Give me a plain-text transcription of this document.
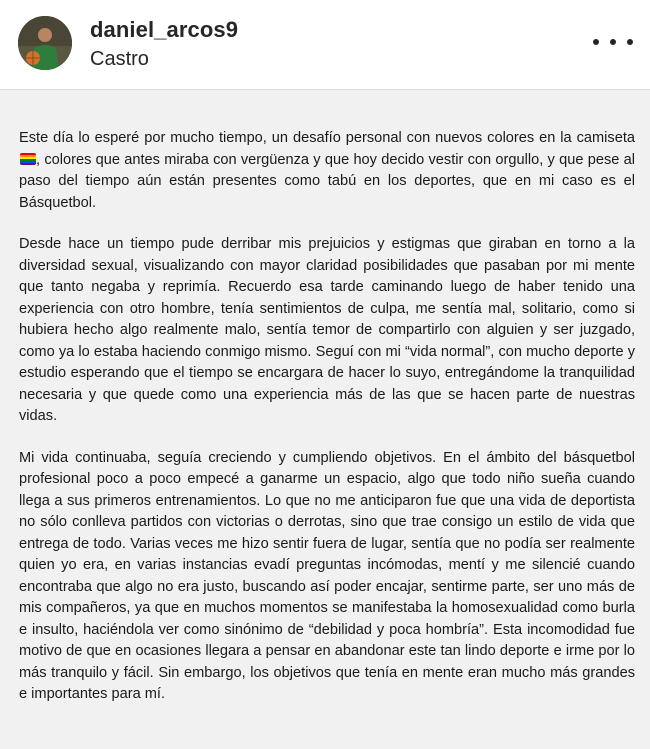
daniel_arcos9
Castro

Este día lo esperé por mucho tiempo, un desafío personal con nuevos colores en la camiseta
, colores que antes miraba con vergüenza y que hoy decido vestir con orgullo, y que pese al paso del tiempo aún están presentes como tabú en los deportes, que en mi caso es el Básquetbol.

Desde hace un tiempo pude derribar mis prejuicios y estigmas que giraban en torno a la diversidad sexual, visualizando con mayor claridad posibilidades que pasaban por mi mente que tanto negaba y reprimía. Recuerdo esa tarde caminando luego de haber tenido una experiencia con otro hombre, tenía sentimientos de culpa, me sentía mal, solitario, como si hubiera hecho algo realmente malo, sentía temor de compartirlo con alguien y ser juzgado, como ya lo estaba haciendo conmigo mismo. Seguí con mi “vida normal”, con mucho deporte y estudio esperando que el tiempo se encargara de hacer lo suyo, entregándome la tranquilidad necesaria y que quede como una experiencia más de las que se hacen parte de nuestras vidas.

Mi vida continuaba, seguía creciendo y cumpliendo objetivos. En el ámbito del básquetbol profesional poco a poco empecé a ganarme un espacio, algo que todo niño sueña cuando llega a sus primeros entrenamientos. Lo que no me anticiparon fue que una vida de deportista no sólo conlleva partidos con victorias o derrotas, sino que trae consigo un estilo de vida que entrega de todo. Varias veces me hizo sentir fuera de lugar, sentía que no podía ser realmente quien yo era, en varias instancias evadí preguntas incómodas, mentí y me silencié cuando encontraba que algo no era justo, buscando así poder encajar, sentirme parte, ser uno más de mis compañeros, ya que en muchos momentos se manifestaba la homosexualidad como burla e insulto, haciéndola ver como sinónimo de “debilidad y poca hombría”. Esta incomodidad fue motivo de que en ocasiones llegara a pensar en abandonar este tan lindo deporte e irme por lo más tranquilo y fácil. Sin embargo, los objetivos que tenía en mente eran mucho más grandes e importantes para mí.
